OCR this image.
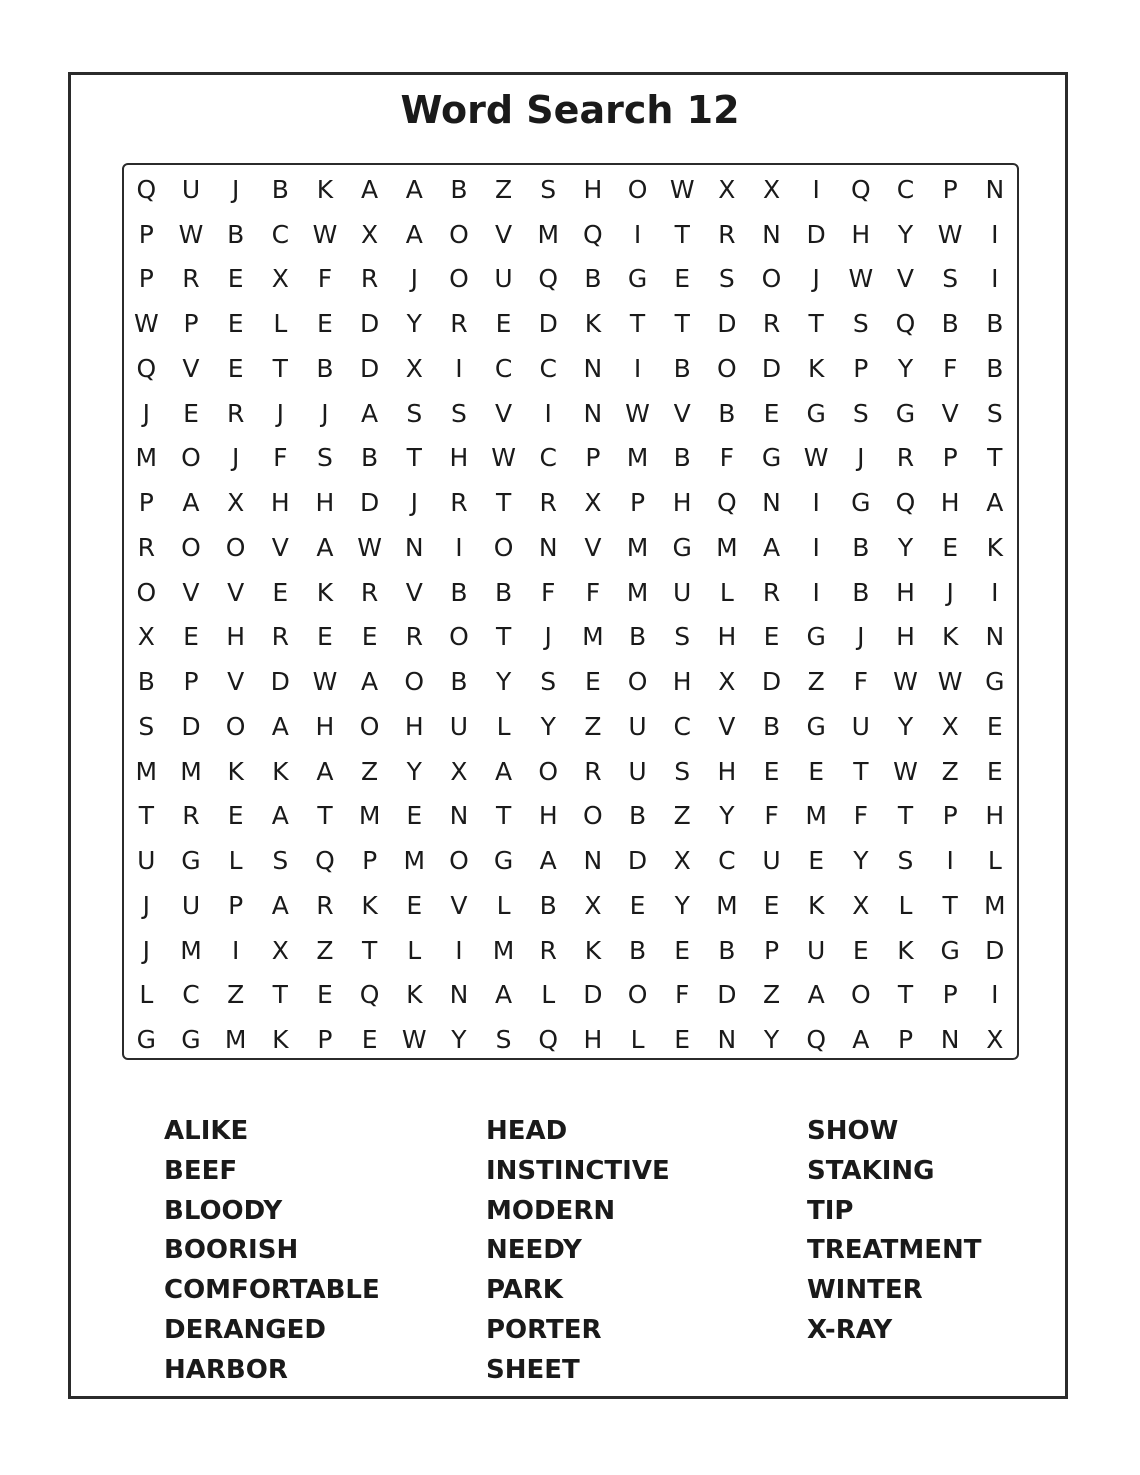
Word Search 12
Q	U	J	B	K	A	A	B	Z	S	H	O W X	X	I	Q	C	P	N
P W B	C W X	A	O	V	M Q	I	T	R	N	D	H	Y W	I
P	R	E	X	F	R	J	O	U	Q	B	G	E	S	O	J	W V	S	I
W P	E	L	E	D	Y	R	E	D	K	T	T	D	R	T	S	Q	B	B
Q	V	E	T	B	D	X	I	C	C	N	I	B	O	D	K	P	Y	F	B
J	E	R	J	J	A	S	S	V	I	N W V	B	E	G	S	G	V	S
M O	J	F	S	B	T	H W C	P	M	B	F	G W	J	R	P	T
P	A	X	H	H	D	J	R	T	R	X	P	H	Q	N	I	G	Q	H	A
R	O O	V	A W N	I	O	N	V	M G M	A	I	B	Y	E	K
O	V	V	E	K	R	V	B	B	F	F	M U	L	R	I	B	H	J	I
X	E	H	R	E	E	R	O	T	J	M	B	S	H	E	G	J	H	K	N
B	P	V	D W A	O	B	Y	S	E	O	H	X	D	Z	F	W W G
S	D	O	A	H	O	H	U	L	Y	Z	U	C	V	B	G	U	Y	X	E
M M	K	K	A	Z	Y	X	A	O	R	U	S	H	E	E	T W Z	E
T	R	E	A	T	M	E	N	T	H	O	B	Z	Y	F	M	F	T	P	H
U	G	L	S	Q	P	M O	G	A	N	D	X	C	U	E	Y	S	I	L
J	U	P	A	R	K	E	V	L	B	X	E	Y	M	E	K	X	L	T	M
J	M	I	X	Z	T	L	I	M	R	K	B	E	B	P	U	E	K	G	D
L	C	Z	T	E	Q	K	N	A	L	D	O	F	D	Z	A	O	T	P	I
G	G M	K	P	E W Y	S	Q	H	L	E	N	Y	Q	A	P	N	X
ALIKE
BEEF
BLOODY
BOORISH
COMFORTABLE
DERANGED
HARBOR
HEAD
INSTINCTIVE
MODERN
NEEDY
PARK
PORTER
SHEET
SHOW
STAKING
TIP
TREATMENT
WINTER
X-RAY
